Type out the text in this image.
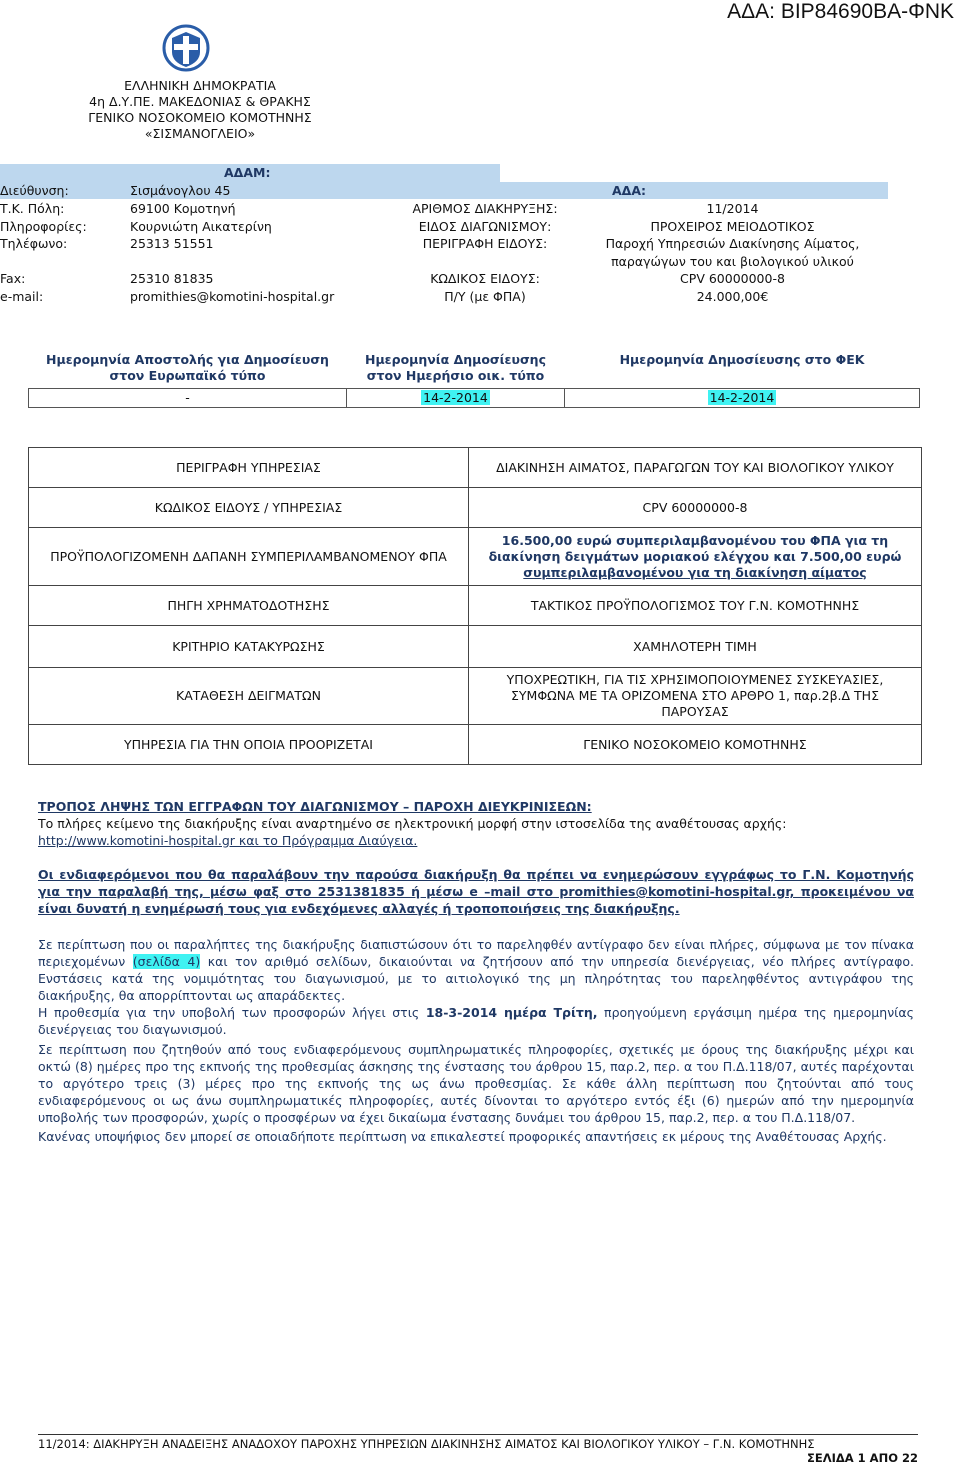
ΑΔΑ: ΒΙΡ84690ΒΑ-ΦΝΚ
ΕΛΛΗΝΙΚΗ ΔΗΜΟΚΡΑΤΙΑ
4η Δ.Υ.ΠΕ. ΜΑΚΕΔΟΝΙΑΣ & ΘΡΑΚΗΣ
ΓΕΝΙΚΟ ΝΟΣΟΚΟΜΕΙΟ ΚΟΜΟΤΗΝΗΣ
«ΣΙΣΜΑΝΟΓΛΕΙΟ»
ΑΔΑΜ:
ΑΔΑ:
Διεύθυνση:	Σισμάνογλου 45
Τ.Κ. Πόλη:	69100 Κομοτηνή
Πληροφορίες:	Κουρνιώτη Αικατερίνη
Τηλέφωνο:	25313 51551
Fax:	25310 81835
e-mail:	promithies@komotini-hospital.gr
ΑΡΙΘΜΟΣ ΔΙΑΚΗΡΥΞΗΣ:	11/2014
ΕΙΔΟΣ ΔΙΑΓΩΝΙΣΜΟΥ:	ΠΡΟΧΕΙΡΟΣ ΜΕΙΟΔΟΤΙΚΟΣ
ΠΕΡΙΓΡΑΦΗ ΕΙΔΟΥΣ:	Παροχή Υπηρεσιών Διακίνησης Αίματος,
παραγώγων του και βιολογικού υλικού
ΚΩΔΙΚΟΣ ΕΙΔΟΥΣ:	CPV 60000000-8
Π/Υ (με ΦΠΑ)	24.000,00€
Ημερομηνία Αποστολής για Δημοσίευση στον Ευρωπαϊκό τύπο	Ημερομηνία Δημοσίευσης στον Ημερήσιο οικ. τύπο	Ημερομηνία Δημοσίευσης στο ΦΕΚ
-	14-2-2014	14-2-2014
ΠΕΡΙΓΡΑΦΗ ΥΠΗΡΕΣΙΑΣ	ΔΙΑΚΙΝΗΣΗ ΑΙΜΑΤΟΣ, ΠΑΡΑΓΩΓΩΝ ΤΟΥ ΚΑΙ ΒΙΟΛΟΓΙΚΟΥ ΥΛΙΚΟΥ
ΚΩΔΙΚΟΣ ΕΙΔΟΥΣ / ΥΠΗΡΕΣΙΑΣ	CPV 60000000-8
ΠΡΟΫΠΟΛΟΓΙΖΟΜΕΝΗ ΔΑΠΑΝΗ ΣΥΜΠΕΡΙΛΑΜΒΑΝΟΜΕΝΟΥ ΦΠΑ	16.500,00 ευρώ συμπεριλαμβανομένου του ΦΠΑ για τη διακίνηση δειγμάτων μοριακού ελέγχου και 7.500,00 ευρώ
συμπεριλαμβανομένου για τη διακίνηση αίματος
ΠΗΓΗ ΧΡΗΜΑΤΟΔΟΤΗΣΗΣ	ΤΑΚΤΙΚΟΣ ΠΡΟΫΠΟΛΟΓΙΣΜΟΣ ΤΟΥ Γ.Ν. ΚΟΜΟΤΗΝΗΣ
ΚΡΙΤΗΡΙΟ ΚΑΤΑΚΥΡΩΣΗΣ	ΧΑΜΗΛΟΤΕΡΗ ΤΙΜΗ
ΚΑΤΑΘΕΣΗ ΔΕΙΓΜΑΤΩΝ	ΥΠΟΧΡΕΩΤΙΚΗ, ΓΙΑ ΤΙΣ ΧΡΗΣΙΜΟΠΟΙΟΥΜΕΝΕΣ ΣΥΣΚΕΥΑΣΙΕΣ, ΣΥΜΦΩΝΑ ΜΕ ΤΑ ΟΡΙΖΟΜΕΝΑ ΣΤΟ ΑΡΘΡΟ 1, παρ.2β.Δ ΤΗΣ ΠΑΡΟΥΣΑΣ
ΥΠΗΡΕΣΙΑ ΓΙΑ ΤΗΝ ΟΠΟΙΑ ΠΡΟΟΡΙΖΕΤΑΙ	ΓΕΝΙΚΟ ΝΟΣΟΚΟΜΕΙΟ ΚΟΜΟΤΗΝΗΣ
ΤΡΟΠΟΣ ΛΗΨΗΣ ΤΩΝ ΕΓΓΡΑΦΩΝ ΤΟΥ ΔΙΑΓΩΝΙΣΜΟΥ – ΠΑΡΟΧΗ ΔΙΕΥΚΡΙΝΙΣΕΩΝ:
Το πλήρες κείμενο της διακήρυξης είναι αναρτημένο σε ηλεκτρονική μορφή στην ιστοσελίδα της αναθέτουσας αρχής:
http://www.komotini-hospital.gr και το Πρόγραμμα Διαύγεια.
Οι ενδιαφερόμενοι που θα παραλάβουν την παρούσα διακήρυξη θα πρέπει να ενημερώσουν εγγράφως το Γ.Ν. Κομοτηνής για την παραλαβή της, μέσω φαξ στο 2531381835 ή μέσω e –mail στο promithies@komotini-hospital.gr, προκειμένου να είναι δυνατή η ενημέρωσή τους για ενδεχόμενες αλλαγές ή τροποποιήσεις της διακήρυξης.
Σε περίπτωση που οι παραλήπτες της διακήρυξης διαπιστώσουν ότι το παρεληφθέν αντίγραφο δεν είναι πλήρες, σύμφωνα με τον πίνακα περιεχομένων (σελίδα 4) και τον αριθμό σελίδων, δικαιούνται να ζητήσουν από την υπηρεσία διενέργειας, νέο πλήρες αντίγραφο. Ενστάσεις κατά της νομιμότητας του διαγωνισμού, με το αιτιολογικό της μη πληρότητας του παρεληφθέντος αντιγράφου της διακήρυξης, θα απορρίπτονται ως απαράδεκτες.
Η προθεσμία για την υποβολή των προσφορών λήγει στις 18-3-2014 ημέρα Τρίτη, προηγούμενη εργάσιμη ημέρα της ημερομηνίας διενέργειας του διαγωνισμού.
Σε περίπτωση που ζητηθούν από τους ενδιαφερόμενους συμπληρωματικές πληροφορίες, σχετικές με όρους της διακήρυξης μέχρι και οκτώ (8) ημέρες προ της εκπνοής της προθεσμίας άσκησης της ένστασης του άρθρου 15, παρ.2, περ. α του Π.Δ.118/07, αυτές παρέχονται το αργότερο τρεις (3) μέρες προ της εκπνοής της ως άνω προθεσμίας. Σε κάθε άλλη περίπτωση που ζητούνται από τους ενδιαφερόμενους οι ως άνω συμπληρωματικές πληροφορίες, αυτές δίνονται το αργότερο εντός έξι (6) ημερών από την ημερομηνία υποβολής των προσφορών, χωρίς ο προσφέρων να έχει δικαίωμα ένστασης δυνάμει του άρθρου 15, παρ.2, περ. α του Π.Δ.118/07.
Κανένας υποψήφιος δεν μπορεί σε οποιαδήποτε περίπτωση να επικαλεστεί προφορικές απαντήσεις εκ μέρους της Αναθέτουσας Αρχής.
11/2014: ΔΙΑΚΗΡΥΞΗ ΑΝΑΔΕΙΞΗΣ ΑΝΑΔΟΧΟΥ ΠΑΡΟΧΗΣ ΥΠΗΡΕΣΙΩΝ ΔΙΑΚΙΝΗΣΗΣ ΑΙΜΑΤΟΣ ΚΑΙ ΒΙΟΛΟΓΙΚΟΥ ΥΛΙΚΟΥ – Γ.Ν. ΚΟΜΟΤΗΝΗΣ
ΣΕΛΙΔΑ 1 ΑΠΟ 22
